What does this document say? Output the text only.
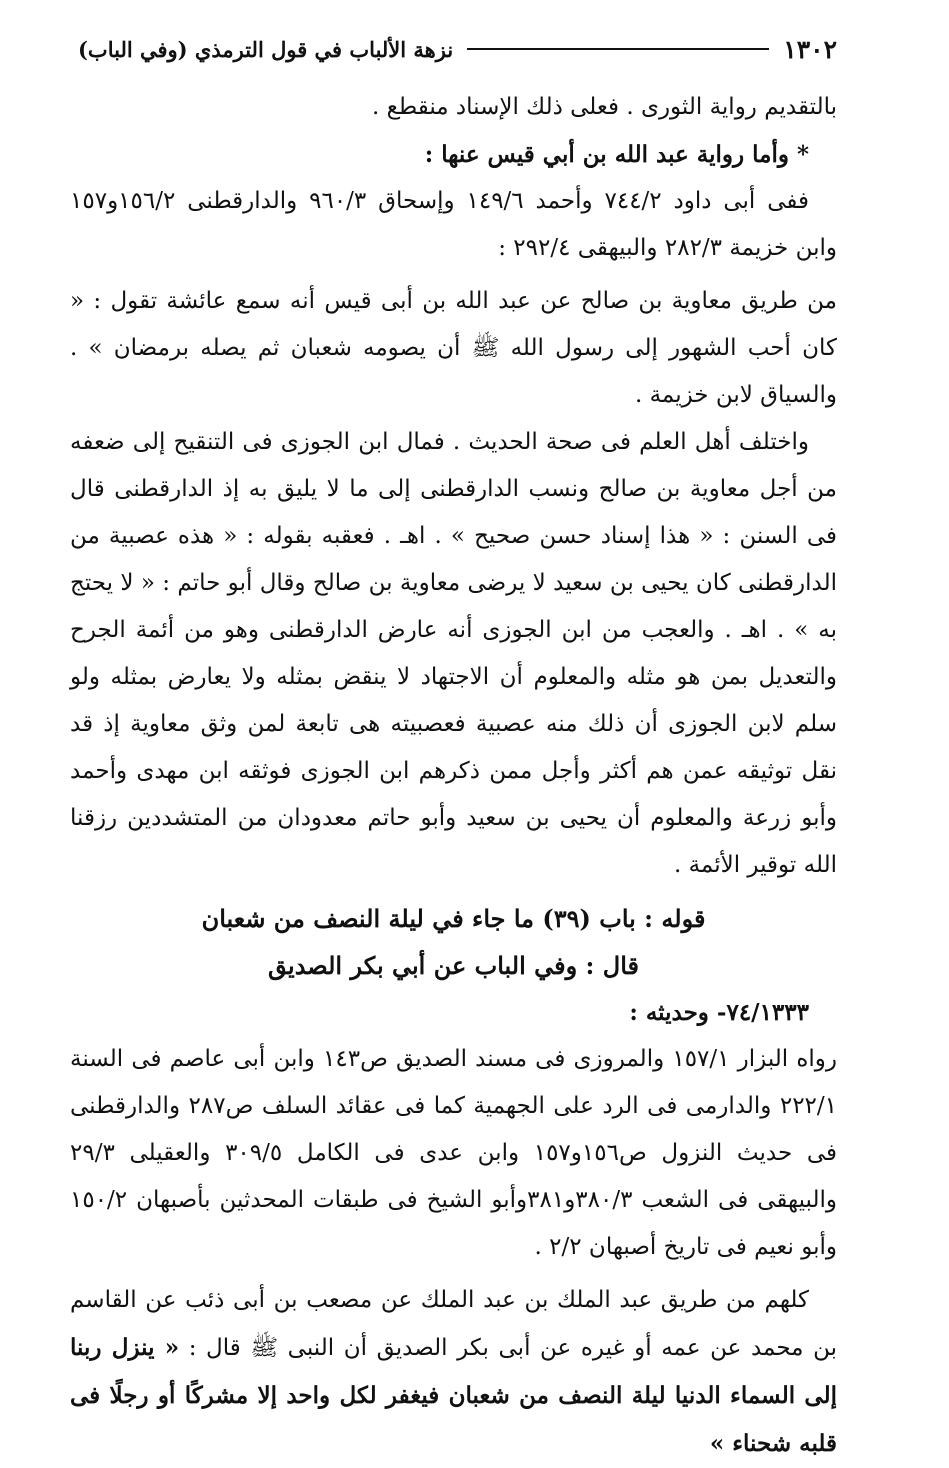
١٣٠٢
نزهة الألباب في قول الترمذي (وفي الباب)

بالتقديم رواية الثورى . فعلى ذلك الإسناد منقطع .

* وأما رواية عبد الله بن أبي قيس عنها :

ففى أبى داود ٧٤٤/٢ وأحمد ١٤٩/٦ وإسحاق ٩٦٠/٣ والدارقطنى ١٥٦/٢و١٥٧ وابن خزيمة ٢٨٢/٣ والبيهقى ٢٩٢/٤ :

من طريق معاوية بن صالح عن عبد الله بن أبى قيس أنه سمع عائشة تقول : « كان أحب الشهور إلى رسول الله ﷺ أن يصومه شعبان ثم يصله برمضان » . والسياق لابن خزيمة .

واختلف أهل العلم فى صحة الحديث . فمال ابن الجوزى فى التنقيح إلى ضعفه من أجل معاوية بن صالح ونسب الدارقطنى إلى ما لا يليق به إذ الدارقطنى قال فى السنن : « هذا إسناد حسن صحيح » . اهـ . فعقبه بقوله : « هذه عصبية من الدارقطنى كان يحيى بن سعيد لا يرضى معاوية بن صالح وقال أبو حاتم : « لا يحتج به » . اهـ . والعجب من ابن الجوزى أنه عارض الدارقطنى وهو من أئمة الجرح والتعديل بمن هو مثله والمعلوم أن الاجتهاد لا ينقض بمثله ولا يعارض بمثله ولو سلم لابن الجوزى أن ذلك منه عصبية فعصبيته هى تابعة لمن وثق معاوية إذ قد نقل توثيقه عمن هم أكثر وأجل ممن ذكرهم ابن الجوزى فوثقه ابن مهدى وأحمد وأبو زرعة والمعلوم أن يحيى بن سعيد وأبو حاتم معدودان من المتشددين رزقنا الله توقير الأئمة .

قوله : باب (٣٩) ما جاء في ليلة النصف من شعبان

قال : وفي الباب عن أبي بكر الصديق

٧٤/١٣٣٣- وحديثه :

رواه البزار ١٥٧/١ والمروزى فى مسند الصديق ص١٤٣ وابن أبى عاصم فى السنة ٢٢٢/١ والدارمى فى الرد على الجهمية كما فى عقائد السلف ص٢٨٧ والدارقطنى فى حديث النزول ص١٥٦و١٥٧ وابن عدى فى الكامل ٣٠٩/٥ والعقيلى ٢٩/٣ والبيهقى فى الشعب ٣٨٠/٣و٣٨١وأبو الشيخ فى طبقات المحدثين بأصبهان ١٥٠/٢ وأبو نعيم فى تاريخ أصبهان ٢/٢ .

كلهم من طريق عبد الملك بن عبد الملك عن مصعب بن أبى ذئب عن القاسم بن محمد عن عمه أو غيره عن أبى بكر الصديق أن النبى ﷺ قال : « ينزل ربنا إلى السماء الدنيا ليلة النصف من شعبان فيغفر لكل واحد إلا مشركًا أو رجلًا فى قلبه شحناء »
